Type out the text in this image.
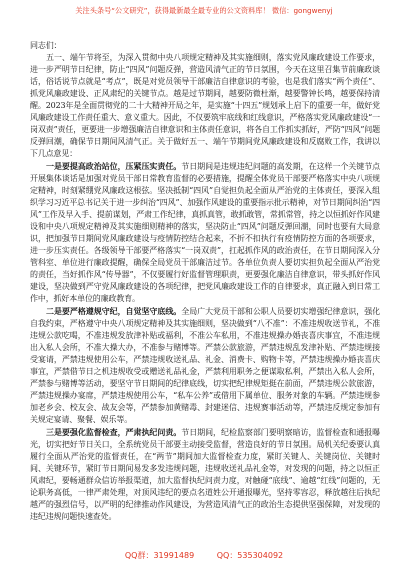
关注头条号“公文研究”，获得最新最全最专业的公文资料库！ 微信：gongwenyj

同志们：

五一、端午节将至，为深入贯彻中央八项规定精神及其实施细则，落实党风廉政建设工作要求，进一步严明节日纪律，防止“四风”问题反弹，营造风清气正的节日氛围，今天在这里召集节前廉政谈话，俗话说节点就是“考点”，既是对党员领导干部廉洁自律意识的考验，也是我们落实“两个责任”、抓党风廉政建设、正风肃纪的关键节点。越是过节期间，越要防微杜渐，越要警钟长鸣，越要保持清醒。2023年是全面贯彻党的二十大精神开局之年，是实施“十四五”规划承上启下的重要一年，做好党风廉政建设工作责任重大、意义重大。因此，不仅要筑牢底线和红线意识，严格落实党风廉政建设“一岗双责”责任，更要进一步增强廉洁自律意识和主体责任意识，将各自工作抓实抓好，严防“四风”问题反弹回潮，确保节日期间风清气正。关于做好五一、端午节期间党风廉政建设和反腐败工作，我讲以下几点意见：

一是要提高政治站位，压紧压实责任。节日期间是违规违纪问题的高发期，在这样一个关键节点开展集体谈话是加强对党员干部日常教育监督的必要措施，提醒全体党员干部要严格落实中央八项规定精神，时刻紧绷党风廉政这根弦。坚决抵制“四风”自觉担负起全面从严治党的主体责任，要深入组织学习习近平总书记关于进一步纠治“四风”、加强作风建设的重要指示批示精神，对节日期间纠治“四风”工作及早入手、提前谋划，严肃工作纪律，真抓真管，敢抓敢管，常抓常管，持之以恒抓好作风建设和中央八项规定精神及其实施细则精神的落实，坚决防止“四风”问题反弹回潮，同时也要有大局意识，把加强节日期间党风廉政建设与疫情防控结合起来，不折不扣执行有疫情防控方面的各项要求，进一步压实责任。各级领导干部要严格落实“一岗双责”，扛起抓作风的政治责任，在节日期间深入分管科室、单位进行廉政提醒，确保全局党员干部廉洁过节。各单位负责人要切实担负起全面从严治党的责任，当好抓作风“传导器”，不仅要履行好监督管理职责，更要强化廉洁自律意识，带头抓好作风建设，坚决做到严守党风廉政建设的各项纪律，把党风廉政建设工作的自律要求，真正融入到日常工作中，抓好本单位的廉政教育。

二是要严格遵规守纪，自觉坚守底线。全局广大党员干部和公职人员要切实增强纪律意识，强化自我约束，严格遵守中央八项规定精神及其实施细则，坚决做到“八不准”：不准违规收送节礼，不准违规公款吃喝，不准违规发放津补贴或福利，不准公车私用，不准违规操办婚丧喜庆事宜，不准违规出入私人会所，不准大操大办，不准参与赌博等。严禁公款旅游，严禁违规乱发津补贴、严禁违规接受宴请，严禁违规使用公车，严禁违规收送礼品、礼金、消费卡、购物卡等，严禁违规操办婚丧喜庆事宜，严禁借节日之机违规收受或赠送礼品礼金，严禁利用职务之便谋取私利，严禁出入私人会所，严禁参与赌博等活动，要坚守节日期间的纪律底线，切实把纪律规矩挺在前面，严禁违规公款旅游，严禁违规操办宴席，严禁违规使用公车，“私车公养”或借用下属单位、服务对象的车辆。严禁违规参加老乡会、校友会、战友会等，严禁参加黄赌毒、封建迷信、违规赛事活动等，严禁违反规定参加有关规定宴请、聚餐、娱乐等。

三是要强化监督检查，严肃执纪问责。节日期间，纪检监察部门要明察暗访，监督检查和通报曝光，切实把好节日关口，全系统党员干部要主动接受监督，营造良好的节日氛围。局机关纪委要认真履行全面从严治党的监督责任，在“两节”期间加大监督检查力度，紧盯关键人、关键岗位、关键时间、关键环节，紧盯节日期间易发多发违规问题，违规收送礼品礼金等，对发现的问题，持之以恒正风肃纪，要畅通群众信访举报渠道，加大监督执纪问责力度，对触碰“底线”、逾越“红线”问题的，无论职务高低，一律严肃处理，对顶风违纪的要点名道姓公开通报曝光，坚持零容忍，释放越往后执纪越严的强烈信号，以严明的纪律推动作风建设，为营造风清气正的政治生态提供坚强保障，对发现的违纪违规问题快速查处。

QQ群：31991489	QQ：535304092
